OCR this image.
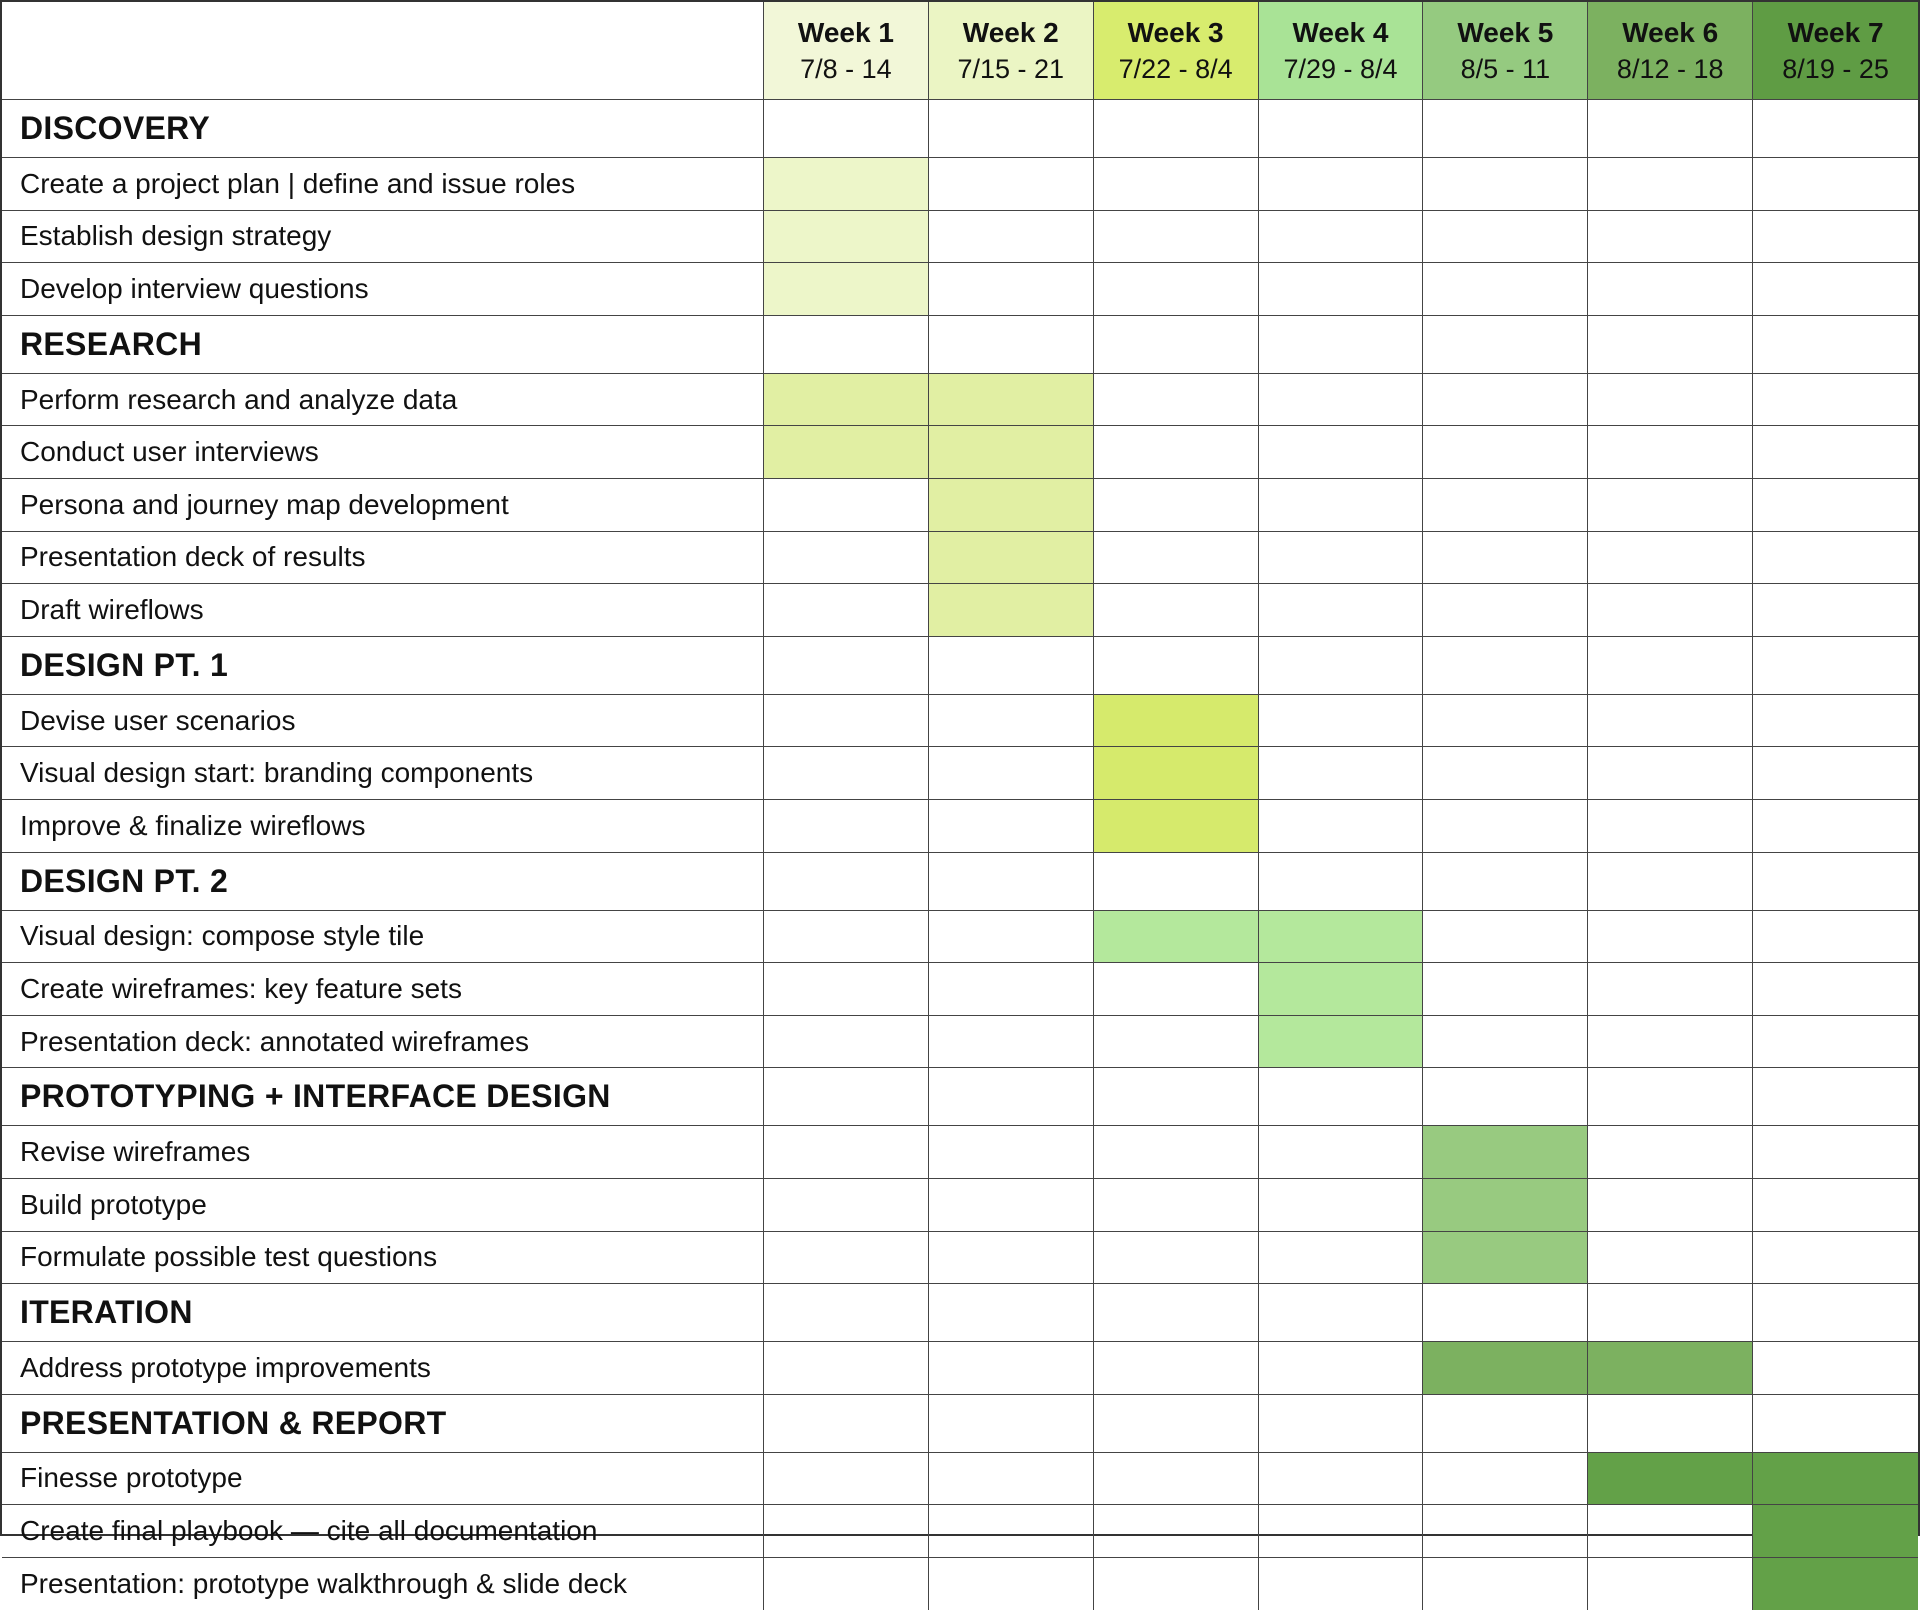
Week 1
7/8 - 14
Week 2
7/15 - 21
Week 3
7/22 - 8/4
Week 4
7/29 - 8/4
Week 5
8/5 - 11
Week 6
8/12 - 18
Week 7
8/19 - 25
DISCOVERY
Create a project plan | define and issue roles
Establish design strategy
Develop interview questions
RESEARCH
Perform research and analyze data
Conduct user interviews
Persona and journey map development
Presentation deck of results
Draft wireflows
DESIGN PT. 1
Devise user scenarios
Visual design start: branding components
Improve & finalize wireflows
DESIGN PT. 2
Visual design: compose style tile
Create wireframes: key feature sets
Presentation deck: annotated wireframes
PROTOTYPING + INTERFACE DESIGN
Revise wireframes
Build prototype
Formulate possible test questions
ITERATION
Address prototype improvements
PRESENTATION & REPORT
Finesse prototype
Create final playbook — cite all documentation
Presentation: prototype walkthrough & slide deck
